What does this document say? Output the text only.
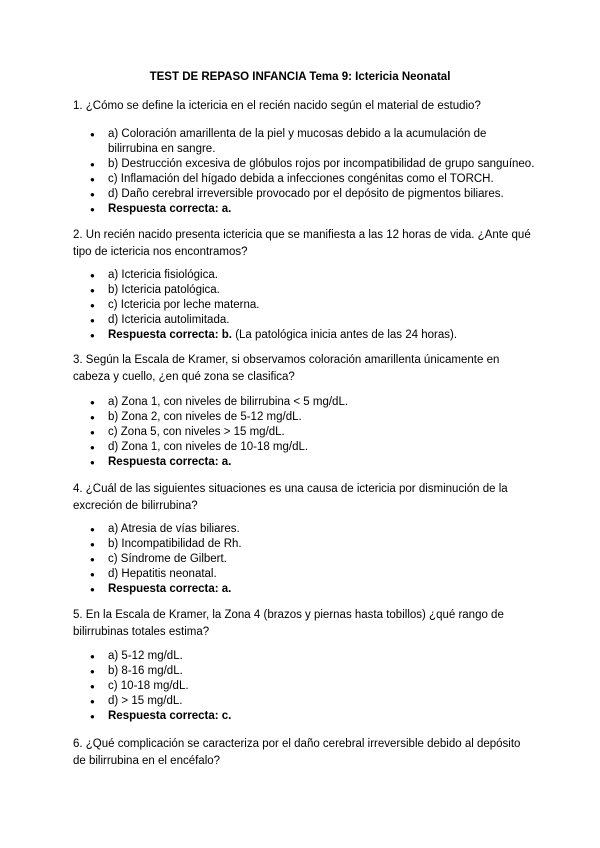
TEST DE REPASO INFANCIA Tema 9: Ictericia Neonatal

1. ¿Cómo se define la ictericia en el recién nacido según el material de estudio?

● a) Coloración amarillenta de la piel y mucosas debido a la acumulación de bilirrubina en sangre.
● b) Destrucción excesiva de glóbulos rojos por incompatibilidad de grupo sanguíneo.
● c) Inflamación del hígado debida a infecciones congénitas como el TORCH.
● d) Daño cerebral irreversible provocado por el depósito de pigmentos biliares.
● Respuesta correcta: a.

2. Un recién nacido presenta ictericia que se manifiesta a las 12 horas de vida. ¿Ante qué tipo de ictericia nos encontramos?

● a) Ictericia fisiológica.
● b) Ictericia patológica.
● c) Ictericia por leche materna.
● d) Ictericia autolimitada.
● Respuesta correcta: b. (La patológica inicia antes de las 24 horas).

3. Según la Escala de Kramer, si observamos coloración amarillenta únicamente en cabeza y cuello, ¿en qué zona se clasifica?

● a) Zona 1, con niveles de bilirrubina < 5 mg/dL.
● b) Zona 2, con niveles de 5-12 mg/dL.
● c) Zona 5, con niveles > 15 mg/dL.
● d) Zona 1, con niveles de 10-18 mg/dL.
● Respuesta correcta: a.

4. ¿Cuál de las siguientes situaciones es una causa de ictericia por disminución de la excreción de bilirrubina?

● a) Atresia de vías biliares.
● b) Incompatibilidad de Rh.
● c) Síndrome de Gilbert.
● d) Hepatitis neonatal.
● Respuesta correcta: a.

5. En la Escala de Kramer, la Zona 4 (brazos y piernas hasta tobillos) ¿qué rango de bilirrubinas totales estima?

● a) 5-12 mg/dL.
● b) 8-16 mg/dL.
● c) 10-18 mg/dL.
● d) > 15 mg/dL.
● Respuesta correcta: c.

6. ¿Qué complicación se caracteriza por el daño cerebral irreversible debido al depósito de bilirrubina en el encéfalo?
